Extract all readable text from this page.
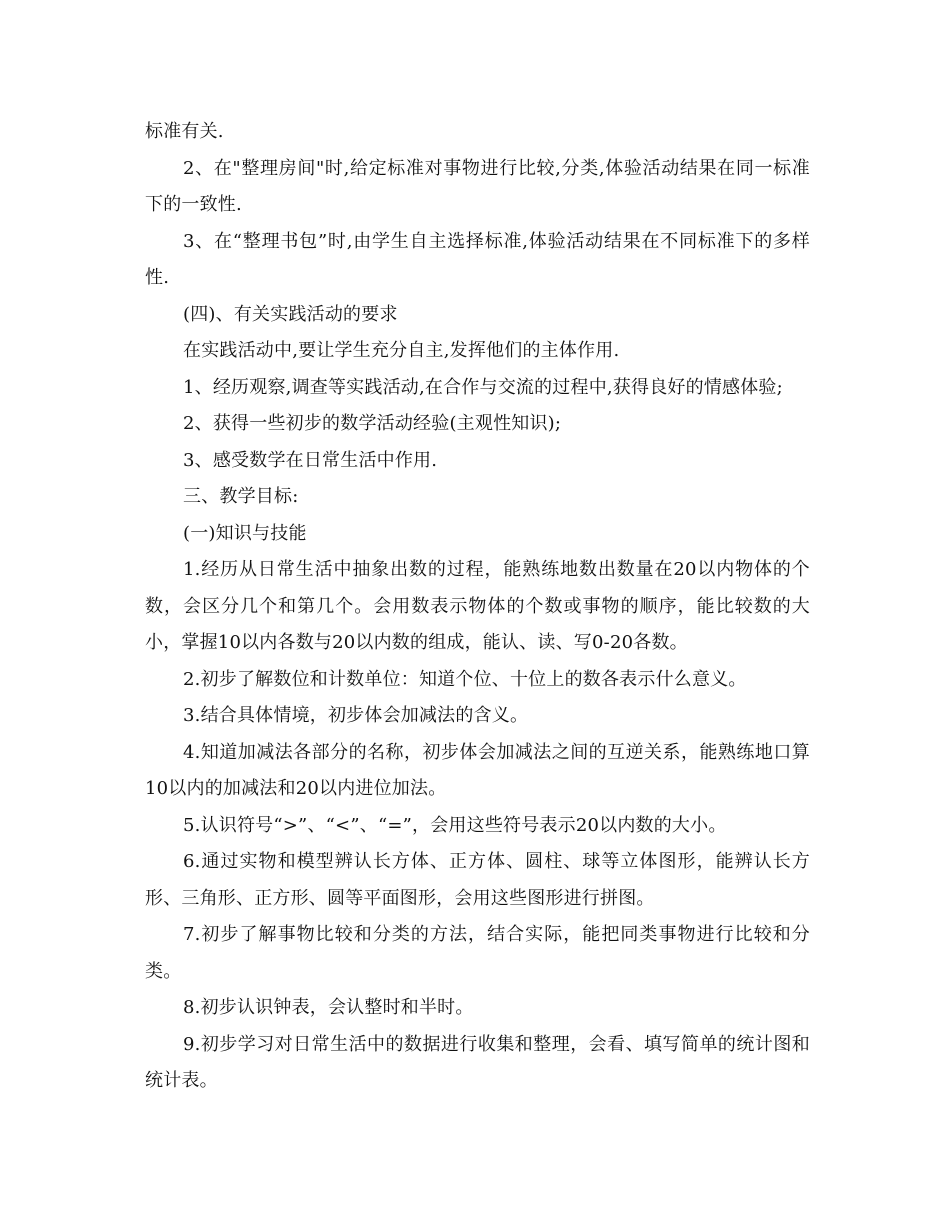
标准有关.

2、在"整理房间"时,给定标准对事物进行比较,分类,体验活动结果在同一标准下的一致性.

3、在“整理书包”时,由学生自主选择标准,体验活动结果在不同标准下的多样性.

(四)、有关实践活动的要求

在实践活动中,要让学生充分自主,发挥他们的主体作用.

1、经历观察,调查等实践活动,在合作与交流的过程中,获得良好的情感体验;

2、获得一些初步的数学活动经验(主观性知识);

3、感受数学在日常生活中作用.

三、教学目标:

(一)知识与技能

1.经历从日常生活中抽象出数的过程，能熟练地数出数量在20以内物体的个数，会区分几个和第几个。会用数表示物体的个数或事物的顺序，能比较数的大小，掌握10以内各数与20以内数的组成，能认、读、写0-20各数。

2.初步了解数位和计数单位：知道个位、十位上的数各表示什么意义。

3.结合具体情境，初步体会加减法的含义。

4.知道加减法各部分的名称，初步体会加减法之间的互逆关系，能熟练地口算10以内的加减法和20以内进位加法。

5.认识符号“>”、“<”、“=”，会用这些符号表示20以内数的大小。

6.通过实物和模型辨认长方体、正方体、圆柱、球等立体图形，能辨认长方形、三角形、正方形、圆等平面图形，会用这些图形进行拼图。

7.初步了解事物比较和分类的方法，结合实际，能把同类事物进行比较和分类。

8.初步认识钟表，会认整时和半时。

9.初步学习对日常生活中的数据进行收集和整理，会看、填写简单的统计图和统计表。
